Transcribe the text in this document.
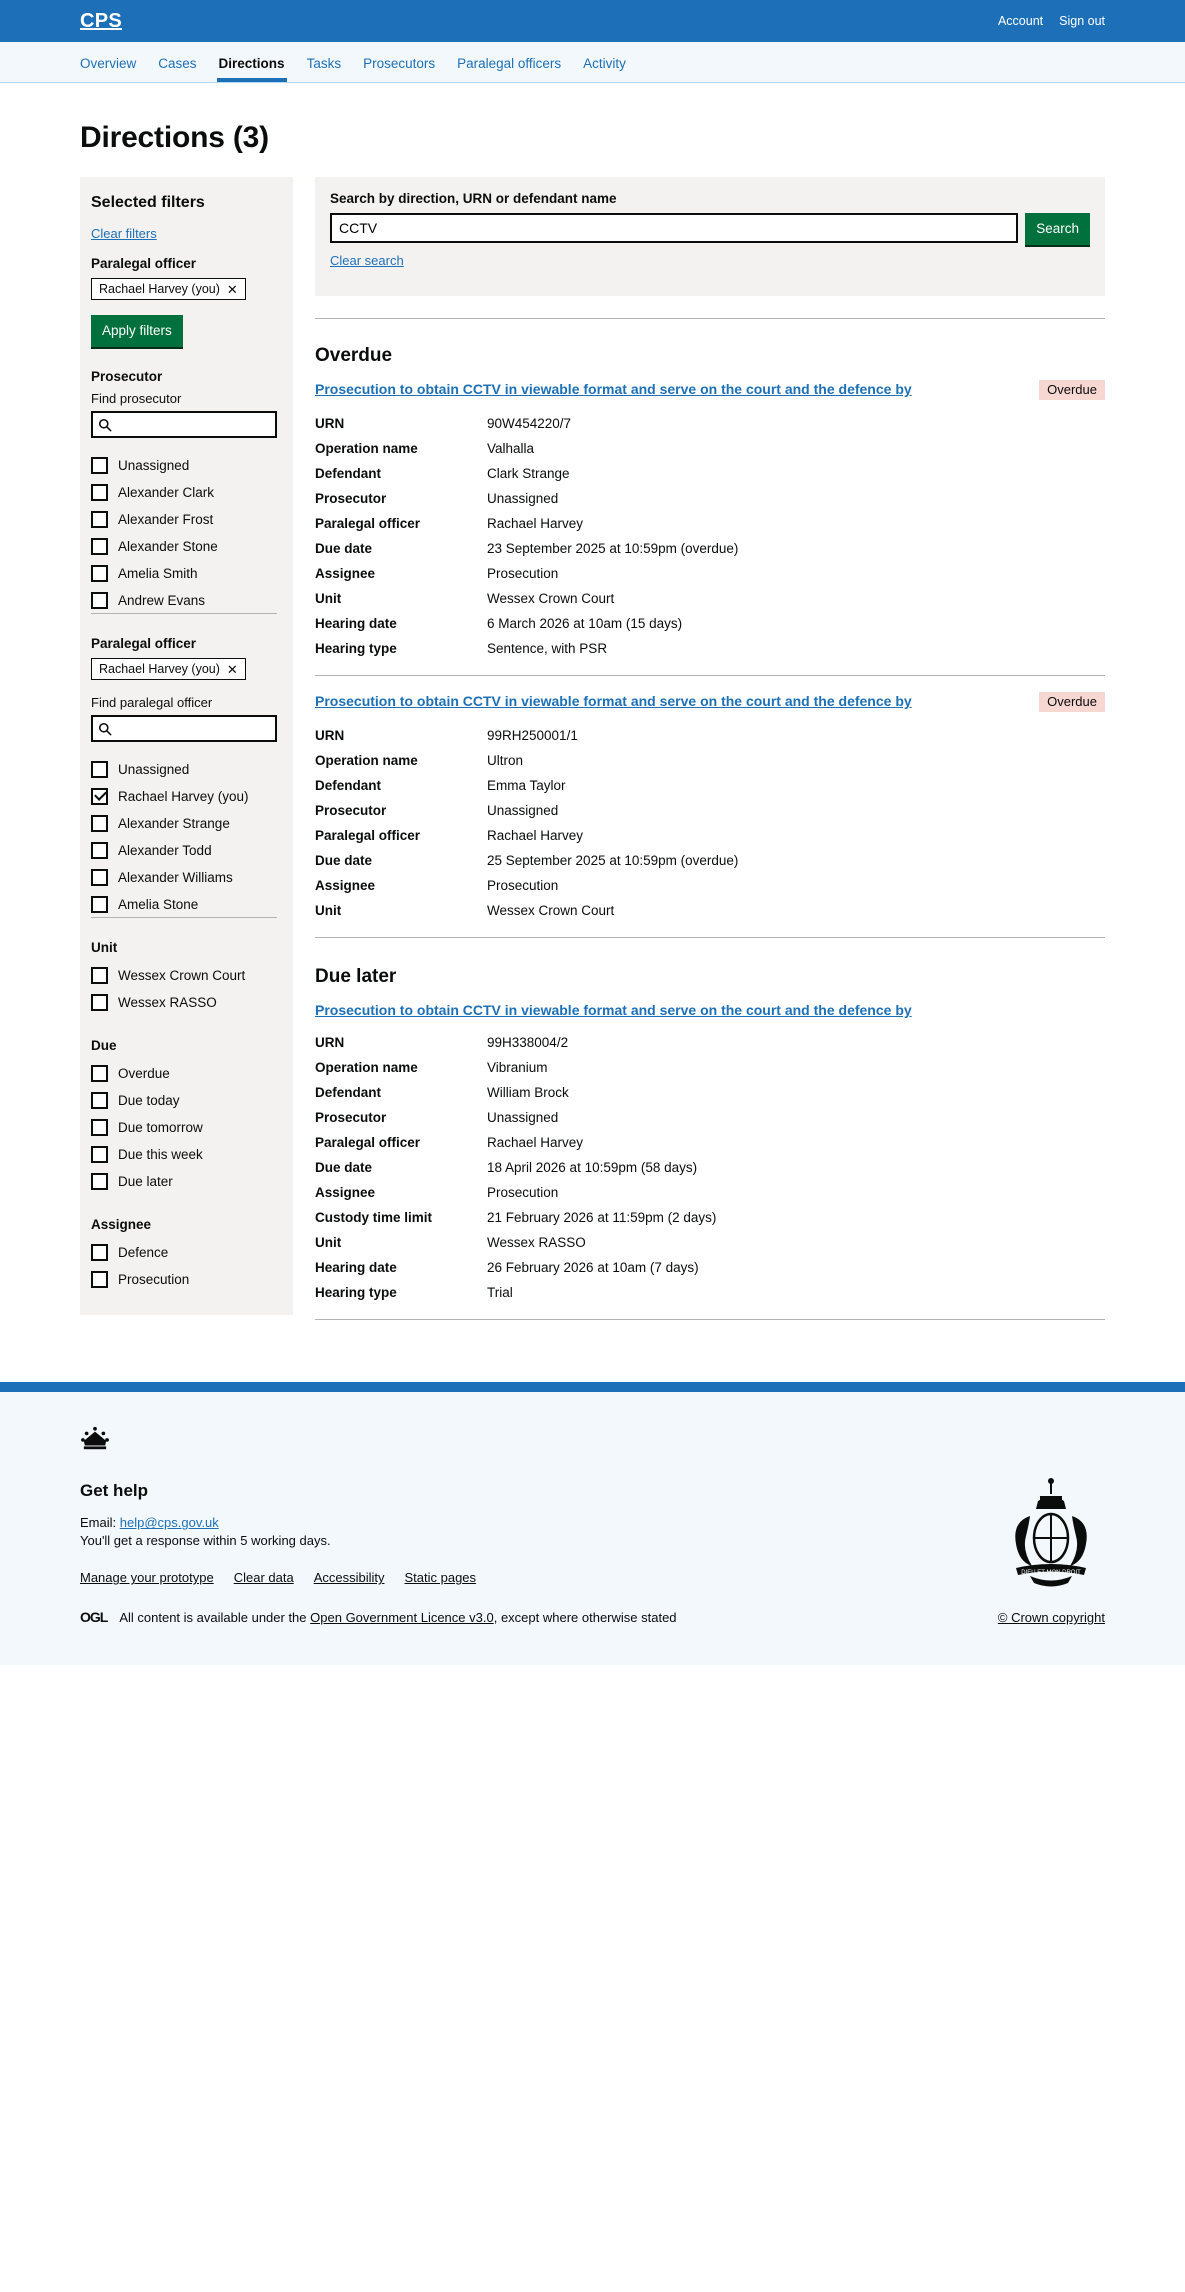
CPS	Account Sign out
Overview	Cases	Directions	Tasks	Prosecutors	Paralegal officers	Activity
Directions (3)
Selected filters
Clear filters
Paralegal officer
Rachael Harvey (you) ✕
Apply filters
Prosecutor

Find prosecutor

Unassigned
Alexander Clark
Alexander Frost
Alexander Stone
Amelia Smith
Andrew Evans
Paralegal officer
Rachael Harvey (you) ✕

Find paralegal officer

Unassigned
Rachael Harvey (you)
Alexander Strange
Alexander Todd
Alexander Williams
Amelia Stone
Unit
Wessex Crown Court
Wessex RASSO
Due
Overdue
Due today
Due tomorrow
Due this week
Due later
Assignee
Defence
Prosecution
Search by direction, URN or defendant name
CCTV
Search
Clear search
Overdue
Prosecution to obtain CCTV in viewable format and serve on the court and the defence by	Overdue
URN	90W454220/7
Operation name	Valhalla
Defendant	Clark Strange
Prosecutor	Unassigned
Paralegal officer	Rachael Harvey
Due date	23 September 2025 at 10:59pm (overdue)
Assignee	Prosecution
Unit	Wessex Crown Court
Hearing date	6 March 2026 at 10am (15 days)
Hearing type	Sentence, with PSR
Prosecution to obtain CCTV in viewable format and serve on the court and the defence by	Overdue
URN	99RH250001/1
Operation name	Ultron
Defendant	Emma Taylor
Prosecutor	Unassigned
Paralegal officer	Rachael Harvey
Due date	25 September 2025 at 10:59pm (overdue)
Assignee	Prosecution
Unit	Wessex Crown Court
Due later
Prosecution to obtain CCTV in viewable format and serve on the court and the defence by
URN	99H338004/2
Operation name	Vibranium
Defendant	William Brock
Prosecutor	Unassigned
Paralegal officer	Rachael Harvey
Due date	18 April 2026 at 10:59pm (58 days)
Assignee	Prosecution
Custody time limit	21 February 2026 at 11:59pm (2 days)
Unit	Wessex RASSO
Hearing date	26 February 2026 at 10am (7 days)
Hearing type	Trial
Get help

Email: help@cps.gov.uk

You'll get a response within 5 working days.

Manage your prototype Clear data Accessibility Static pages
OGL All content is available under the Open Government Licence v3.0, except where otherwise stated
DIEU ET MON DROIT
© Crown copyright
